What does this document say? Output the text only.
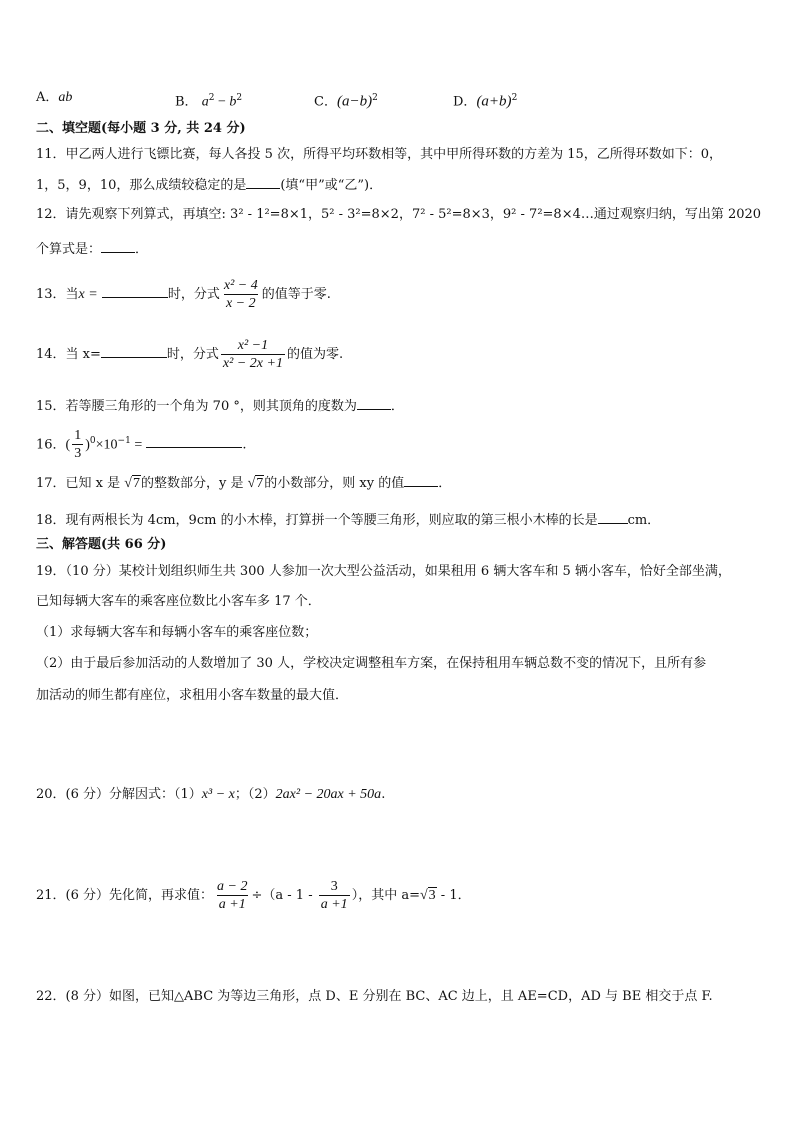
A．ab	B． $a^2 - b^2$	C．$(a-b)^2$	D．$(a+b)^2$
二、填空题(每小题 3 分, 共 24 分)
11．甲乙两人进行飞镖比赛，每人各投 5 次，所得平均环数相等，其中甲所得环数的方差为 15，乙所得环数如下：0，
1，5，9，10，那么成绩较稳定的是	(填“甲”或“乙”)．
12．请先观察下列算式，再填空: 3² - 1²=8×1，5² - 3²=8×2，7² - 5²=8×3，9² - 7²=8×4…通过观察归纳，写出第 2020
个算式是：	．
13．当x =	时，分式 $\frac{\text{x² − 4}}{x - 2}$ 的值等于零.
14．当 x=	时，分式 $\frac{\text{x² −1}}{\text{x² − 2x +1}}$ 的值为零.
15．若等腰三角形的一个角为 70 °，则其顶角的度数为	．
16．( $\frac{1}{3} )^0\times 10^{-1}$ =	.
17．已知 x 是 √7的整数部分，y 是 √7的小数部分，则 xy 的值	．
18．现有两根长为 4cm，9cm 的小木棒，打算拼一个等腰三角形，则应取的第三根小木棒的长是 cm．
三、解答题(共 66 分)
19．（10 分）某校计划组织师生共 300 人参加一次大型公益活动，如果租用 6 辆大客车和 5 辆小客车，恰好全部坐满，
已知每辆大客车的乘客座位数比小客车多 17 个．
（1）求每辆大客车和每辆小客车的乘客座位数；
（2）由于最后参加活动的人数增加了 30 人，学校决定调整租车方案，在保持租用车辆总数不变的情况下，且所有参
加活动的师生都有座位，求租用小客车数量的最大值．
20．(6 分）分解因式：（1）x³ − x；（2）2ax² − 20ax + 50a.
21．(6 分）先化简，再求值： $\frac{a - 2}{a +1} \div(a - 1 - \frac{3}{a +1}$ ），其中 a=√3 - 1．
22．(8 分）如图，已知△ABC 为等边三角形，点 D、E 分别在 BC、AC 边上，且 AE=CD，AD 与 BE 相交于点 F.
